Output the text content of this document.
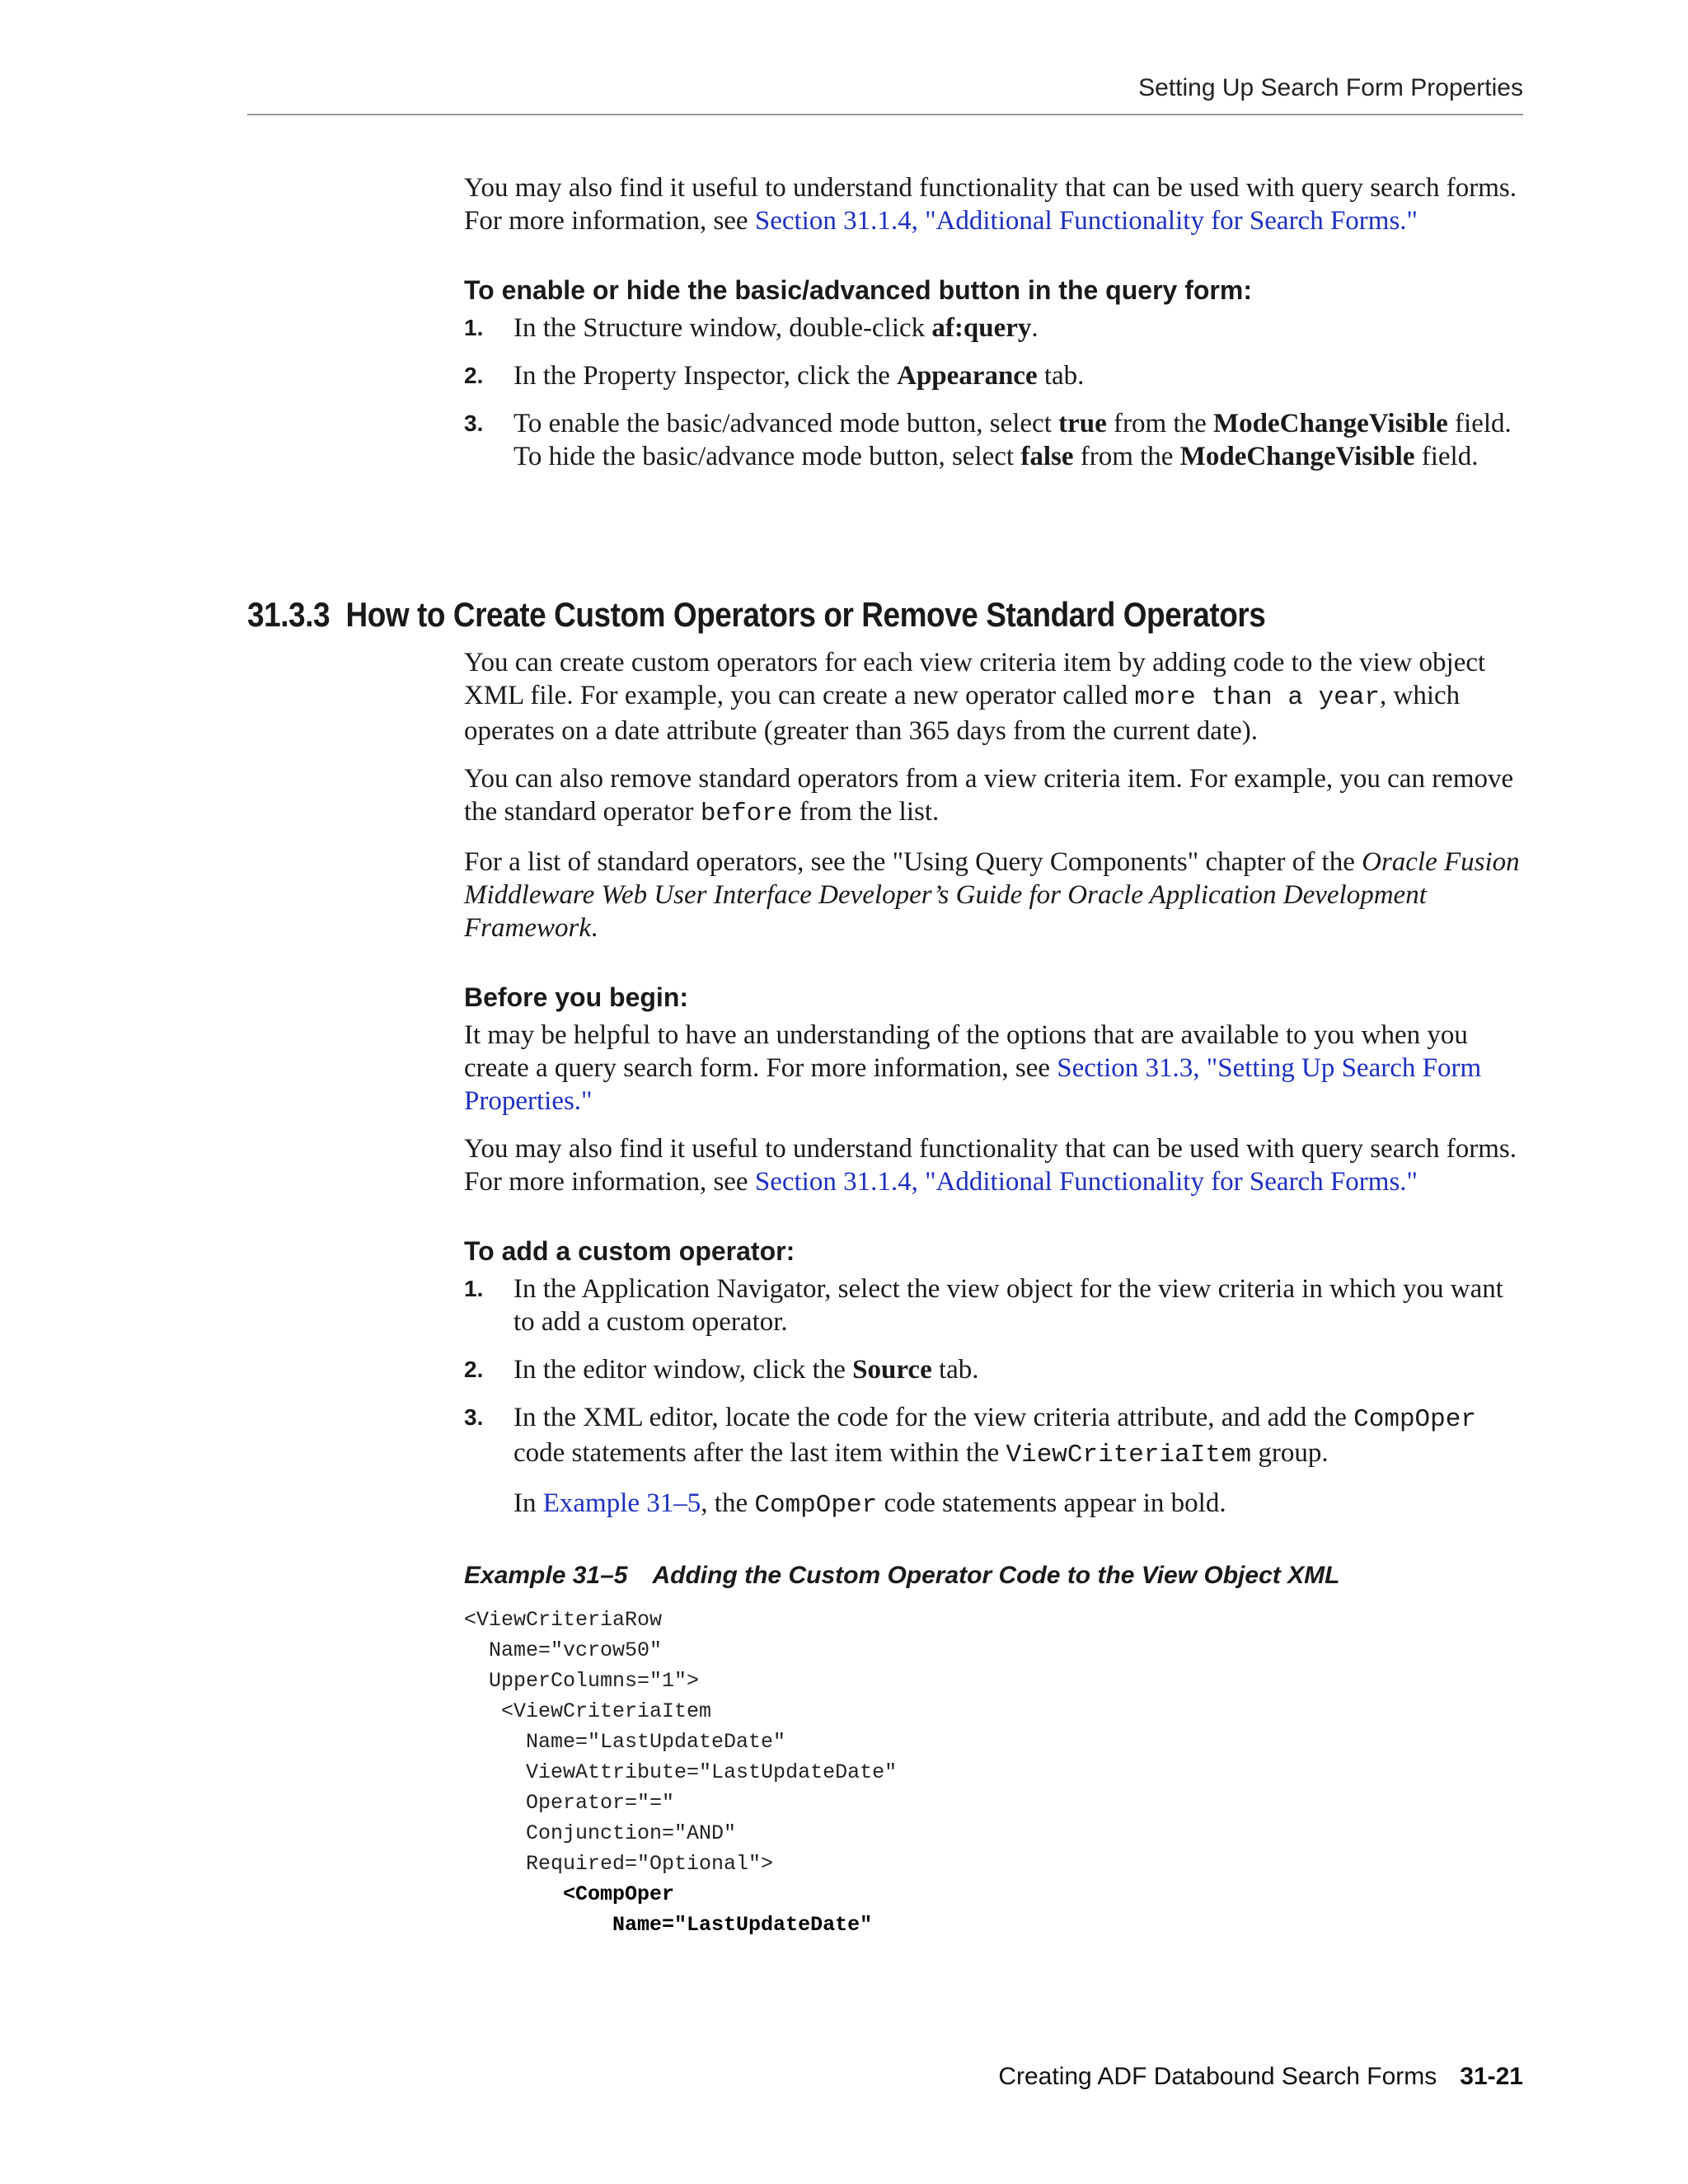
Setting Up Search Form Properties

You may also find it useful to understand functionality that can be used with query search forms. For more information, see Section 31.1.4, "Additional Functionality for Search Forms."

To enable or hide the basic/advanced button in the query form:
1.	In the Structure window, double-click af:query.
2.	In the Property Inspector, click the Appearance tab.
3.	To enable the basic/advanced mode button, select true from the ModeChangeVisible field. To hide the basic/advance mode button, select false from the ModeChangeVisible field.
31.3.3 How to Create Custom Operators or Remove Standard Operators

You can create custom operators for each view criteria item by adding code to the view object XML file. For example, you can create a new operator called more than a year, which operates on a date attribute (greater than 365 days from the current date).

You can also remove standard operators from a view criteria item. For example, you can remove the standard operator before from the list.

For a list of standard operators, see the "Using Query Components" chapter of the Oracle Fusion Middleware Web User Interface Developer’s Guide for Oracle Application Development Framework.

Before you begin:

It may be helpful to have an understanding of the options that are available to you when you create a query search form. For more information, see Section 31.3, "Setting Up Search Form Properties."

You may also find it useful to understand functionality that can be used with query search forms. For more information, see Section 31.1.4, "Additional Functionality for Search Forms."

To add a custom operator:
1.	In the Application Navigator, select the view object for the view criteria in which you want to add a custom operator.
2.	In the editor window, click the Source tab.
3.	In the XML editor, locate the code for the view criteria attribute, and add the CompOper code statements after the last item within the ViewCriteriaItem group.

In Example 31–5, the CompOper code statements appear in bold.

Example 31–5 Adding the Custom Operator Code to the View Object XML
<ViewCriteriaRow
Name="vcrow50"
UpperColumns="1">
<ViewCriteriaItem
Name="LastUpdateDate"
ViewAttribute="LastUpdateDate"
Operator="="
Conjunction="AND"
Required="Optional">
<CompOper
Name="LastUpdateDate"
Creating ADF Databound Search Forms 31-21
